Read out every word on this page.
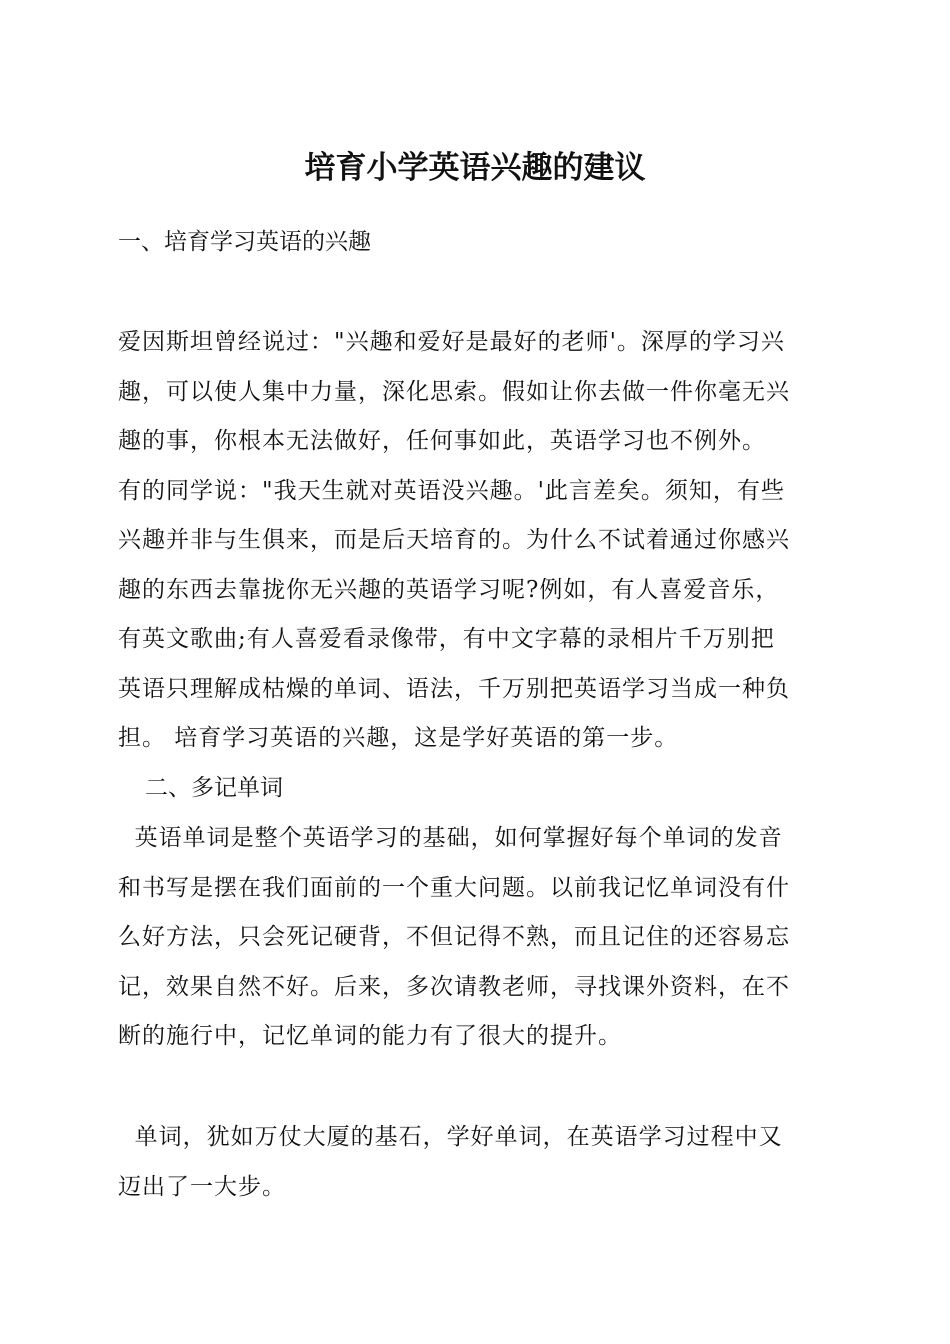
培育小学英语兴趣的建议
一、培育学习英语的兴趣
爱因斯坦曾经说过："兴趣和爱好是最好的老师'。深厚的学习兴
趣，可以使人集中力量，深化思索。假如让你去做一件你毫无兴
趣的事，你根本无法做好，任何事如此，英语学习也不例外。
有的同学说："我天生就对英语没兴趣。'此言差矣。须知，有些
兴趣并非与生俱来，而是后天培育的。为什么不试着通过你感兴
趣的东西去靠拢你无兴趣的英语学习呢?例如，有人喜爱音乐，
有英文歌曲;有人喜爱看录像带，有中文字幕的录相片千万别把
英语只理解成枯燥的单词、语法，千万别把英语学习当成一种负
担。 培育学习英语的兴趣，这是学好英语的第一步。
二、多记单词
英语单词是整个英语学习的基础，如何掌握好每个单词的发音
和书写是摆在我们面前的一个重大问题。以前我记忆单词没有什
么好方法，只会死记硬背，不但记得不熟，而且记住的还容易忘
记，效果自然不好。后来，多次请教老师，寻找课外资料，在不
断的施行中，记忆单词的能力有了很大的提升。
单词，犹如万仗大厦的基石，学好单词，在英语学习过程中又
迈出了一大步。
